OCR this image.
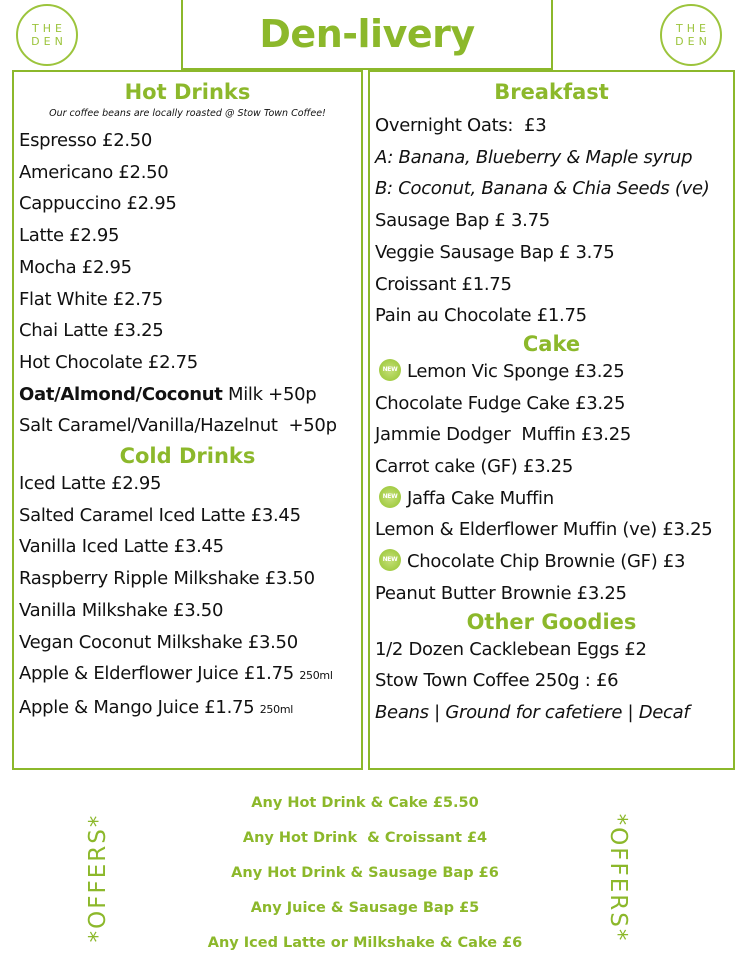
THE
DEN
THE
DEN
Den-livery
Hot Drinks
Our coffee beans are locally roasted @ Stow Town Coffee!
Espresso £2.50
Americano £2.50
Cappuccino £2.95
Latte £2.95
Mocha £2.95
Flat White £2.75
Chai Latte £3.25
Hot Chocolate £2.75
Oat/Almond/Coconut Milk +50p
Salt Caramel/Vanilla/Hazelnut  +50p
Cold Drinks
Iced Latte £2.95
Salted Caramel Iced Latte £3.45
Vanilla Iced Latte £3.45
Raspberry Ripple Milkshake £3.50
Vanilla Milkshake £3.50
Vegan Coconut Milkshake £3.50
Apple & Elderflower Juice £1.75 250ml
Apple & Mango Juice £1.75 250ml
Breakfast
Overnight Oats:  £3
A: Banana, Blueberry & Maple syrup
B: Coconut, Banana & Chia Seeds (ve)
Sausage Bap £ 3.75
Veggie Sausage Bap £ 3.75
Croissant £1.75
Pain au Chocolate £1.75
Cake
NEW Lemon Vic Sponge £3.25
Chocolate Fudge Cake £3.25
Jammie Dodger  Muffin £3.25
Carrot cake (GF) £3.25
NEW Jaffa Cake Muffin
Lemon & Elderflower Muffin (ve) £3.25
NEW Chocolate Chip Brownie (GF) £3
Peanut Butter Brownie £3.25
Other Goodies
1/2 Dozen Cacklebean Eggs £2
Stow Town Coffee 250g : £6
Beans | Ground for cafetiere | Decaf
*OFFERS*	*OFFERS*
Any Hot Drink & Cake £5.50
Any Hot Drink  & Croissant £4
Any Hot Drink & Sausage Bap £6
Any Juice & Sausage Bap £5
Any Iced Latte or Milkshake & Cake £6
